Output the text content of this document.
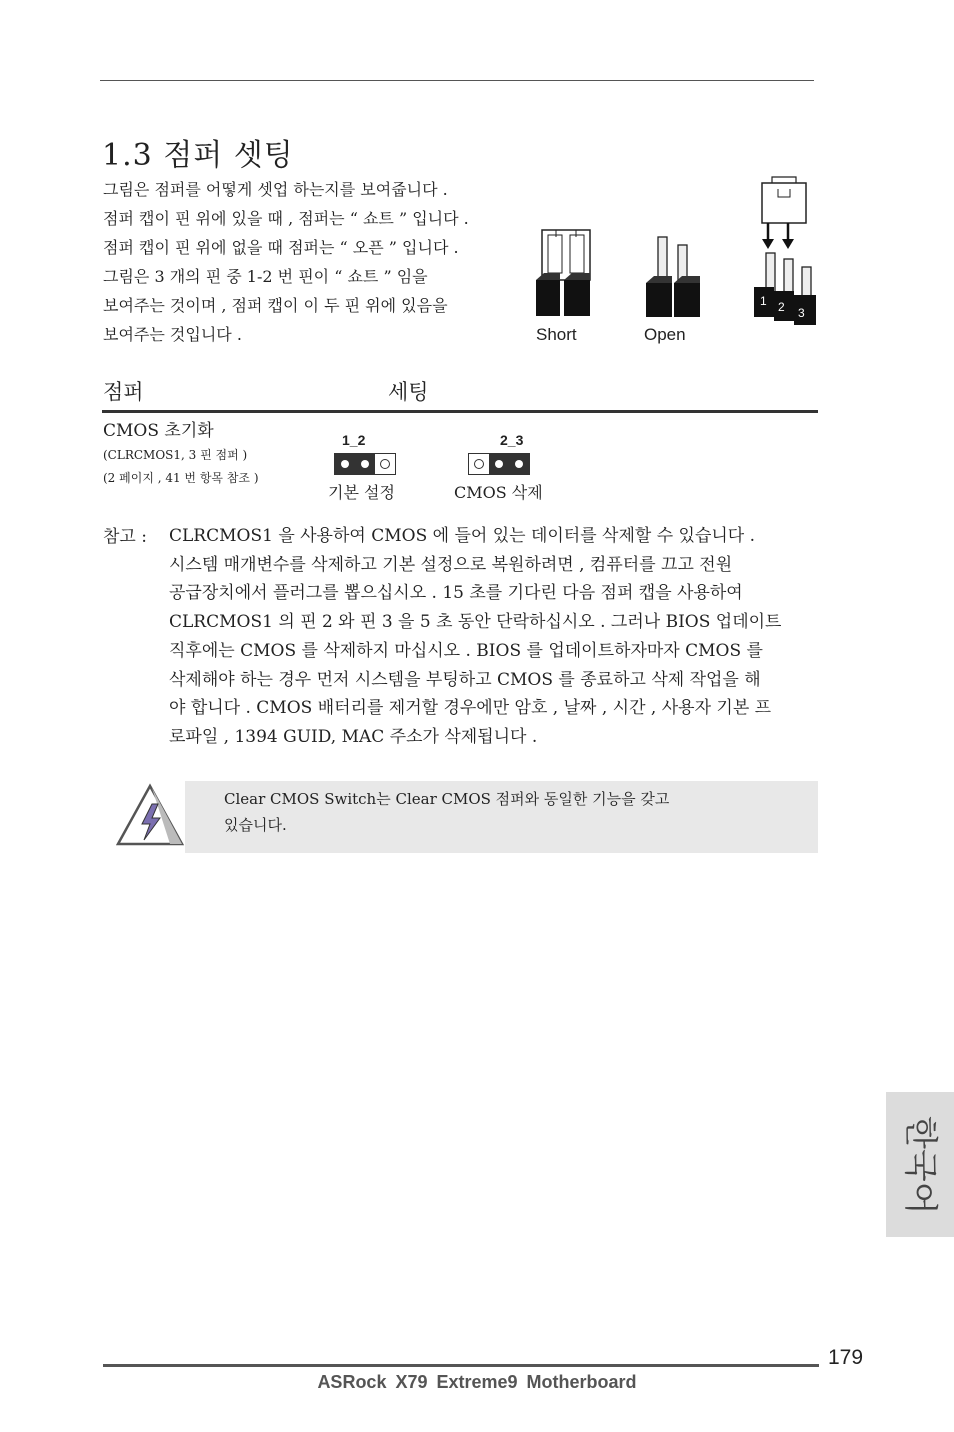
1.3 점퍼 셋팅

그림은 점퍼를 어떻게 셋업 하는지를 보여줍니다 .

점퍼 캡이 핀 위에 있을 때 , 점퍼는 “ 쇼트 ” 입니다 .

점퍼 캡이 핀 위에 없을 때 점퍼는 “ 오픈 ” 입니다 .

그림은 3 개의 핀 중 1-2 번 핀이 “ 쇼트 ” 임을

보여주는 것이며 , 점퍼 캡이 이 두 핀 위에 있음을

보여주는 것입니다 .

1 2 3
Short	Open
점퍼	세팅
CMOS 초기화
(CLRCMOS1, 3 핀 점퍼 )
(2 페이지 , 41 번 항목 참조 )
1_2
기본 설정
2_3
CMOS 삭제
참고 : CLRCMOS1 을 사용하여 CMOS 에 들어 있는 데이터를 삭제할 수 있습니다 .

시스템 매개변수를 삭제하고 기본 설정으로 복원하려면 , 컴퓨터를 끄고 전원

공급장치에서 플러그를 뽑으십시오 . 15 초를 기다린 다음 점퍼 캡을 사용하여

CLRCMOS1 의 핀 2 와 핀 3 을 5 초 동안 단락하십시오 . 그러나 BIOS 업데이트

직후에는 CMOS 를 삭제하지 마십시오 . BIOS 를 업데이트하자마자 CMOS 를

삭제해야 하는 경우 먼저 시스템을 부팅하고 CMOS 를 종료하고 삭제 작업을 해

야 합니다 . CMOS 배터리를 제거할 경우에만 암호 , 날짜 , 시간 , 사용자 기본 프

로파일 , 1394 GUID, MAC 주소가 삭제됩니다 .

Clear CMOS Switch는 Clear CMOS 점퍼와 동일한 기능을 갖고

있습니다.

한국어
179
ASRock X79 Extreme9 Motherboard
